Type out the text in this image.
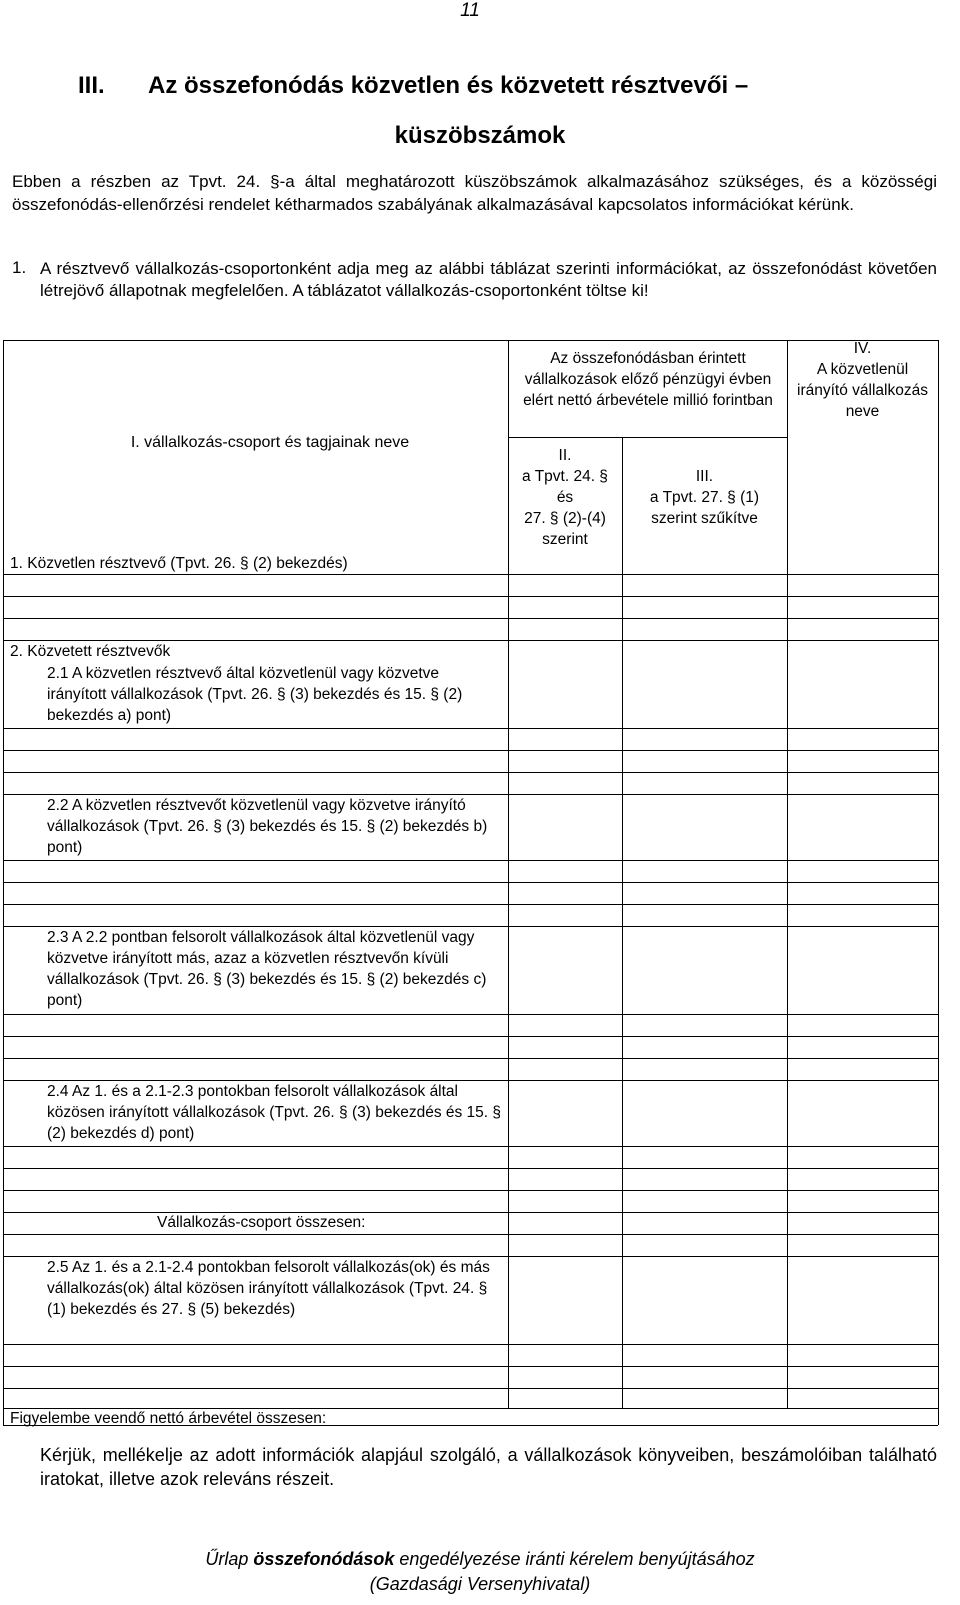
11
III. Az összefonódás közvetlen és közvetett résztvevői –
küszöbszámok
Ebben a részben az Tpvt. 24. §-a által meghatározott küszöbszámok alkalmazásához szükséges, és a közösségi összefonódás-ellenőrzési rendelet kétharmados szabályának alkalmazásával kapcsolatos információkat kérünk.
1. A résztvevő vállalkozás-csoportonként adja meg az alábbi táblázat szerinti információkat, az összefonódást követően létrejövő állapotnak megfelelően. A táblázatot vállalkozás-csoportonként töltse ki!
I. vállalkozás-csoport és tagjainak neve
Az összefonódásban érintett vállalkozások előző pénzügyi évben elért nettó árbevétele millió forintban
II.
a Tpvt. 24. §
és
27. § (2)-(4)
szerint
III.
a Tpvt. 27. § (1)
szerint szűkítve
IV.
A közvetlenül irányító vállalkozás neve
1. Közvetlen résztvevő (Tpvt. 26. § (2) bekezdés)
2. Közvetett résztvevők
2.1 A közvetlen résztvevő által közvetlenül vagy közvetve irányított vállalkozások (Tpvt. 26. § (3) bekezdés és 15. § (2) bekezdés a) pont)
2.2 A közvetlen résztvevőt közvetlenül vagy közvetve irányító vállalkozások (Tpvt. 26. § (3) bekezdés és 15. § (2) bekezdés b) pont)
2.3 A 2.2 pontban felsorolt vállalkozások által közvetlenül vagy közvetve irányított más, azaz a közvetlen résztvevőn kívüli vállalkozások (Tpvt. 26. § (3) bekezdés és 15. § (2) bekezdés c) pont)
2.4 Az 1. és a 2.1-2.3 pontokban felsorolt vállalkozások által közösen irányított vállalkozások (Tpvt. 26. § (3) bekezdés és 15. § (2) bekezdés d) pont)
Vállalkozás-csoport összesen:
2.5 Az 1. és a 2.1-2.4 pontokban felsorolt vállalkozás(ok) és más vállalkozás(ok) által közösen irányított vállalkozások (Tpvt. 24. § (1) bekezdés és 27. § (5) bekezdés)
Figyelembe veendő nettó árbevétel összesen:
Kérjük, mellékelje az adott információk alapjául szolgáló, a vállalkozások könyveiben, beszámolóiban található iratokat, illetve azok releváns részeit.
Űrlap összefonódások engedélyezése iránti kérelem benyújtásához
(Gazdasági Versenyhivatal)
